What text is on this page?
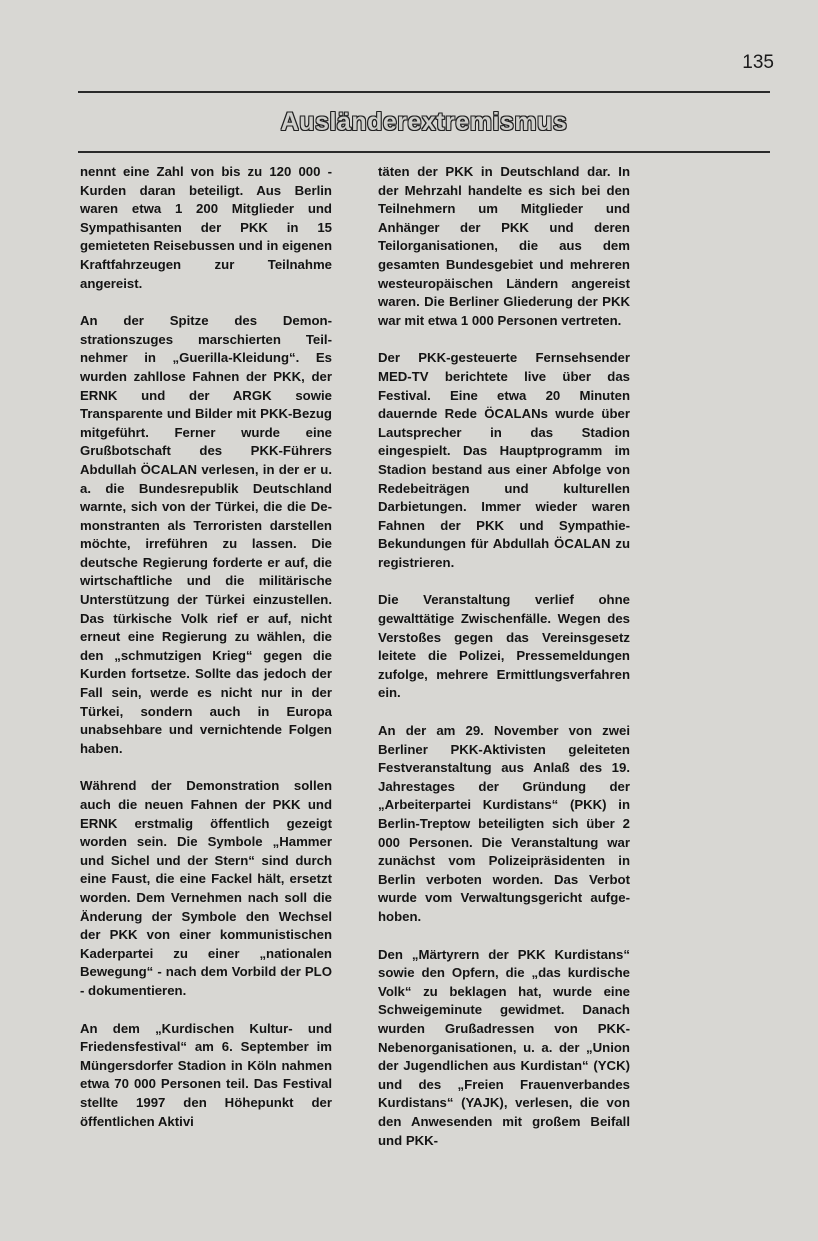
135
Ausländerextremismus

nennt eine Zahl von bis zu 120 000 - Kurden daran beteiligt. Aus Berlin waren etwa 1 200 Mitglieder und Sympathisanten der PKK in 15 gemieteten Reisebussen und in eigenen Kraftfahrzeugen zur Teilnahme angereist.

An der Spitze des Demonstrationszuges marschierten Teilnehmer in „Guerilla-Kleidung“. Es wurden zahllose Fahnen der PKK, der ERNK und der ARGK sowie Transparente und Bilder mit PKK-Bezug mitgeführt. Ferner wurde eine Grußbotschaft des PKK-Führers Abdullah ÖCALAN verlesen, in der er u. a. die Bundesrepublik Deutschland warnte, sich von der Türkei, die die Demonstranten als Terroristen darstellen möchte, irreführen zu lassen. Die deutsche Regierung forderte er auf, die wirtschaftliche und die militärische Unterstützung der Türkei einzustellen. Das türkische Volk rief er auf, nicht erneut eine Regierung zu wählen, die den „schmutzigen Krieg“ gegen die Kurden fortsetze. Sollte das jedoch der Fall sein, werde es nicht nur in der Türkei, sondern auch in Europa unabsehbare und vernichtende Folgen haben.

Während der Demonstration sollen auch die neuen Fahnen der PKK und ERNK erstmalig öffentlich gezeigt worden sein. Die Symbole „Hammer und Sichel und der Stern“ sind durch eine Faust, die eine Fackel hält, ersetzt worden. Dem Vernehmen nach soll die Änderung der Symbole den Wechsel der PKK von einer kommunistischen Kaderpartei zu einer „nationalen Bewegung“ - nach dem Vorbild der PLO - dokumentieren.

An dem „Kurdischen Kultur- und Friedensfestival“ am 6. September im Müngersdorfer Stadion in Köln nahmen etwa 70 000 Personen teil. Das Festival stellte 1997 den Höhepunkt der öffentlichen Aktivi

täten der PKK in Deutschland dar. In der Mehrzahl handelte es sich bei den Teilnehmern um Mitglieder und Anhänger der PKK und deren Teilorganisationen, die aus dem gesamten Bundesgebiet und mehreren westeuropäischen Ländern angereist waren. Die Berliner Gliederung der PKK war mit etwa 1 000 Personen vertreten.

Der PKK-gesteuerte Fernsehsender MED-TV berichtete live über das Festival. Eine etwa 20 Minuten dauernde Rede ÖCALANs wurde über Lautsprecher in das Stadion eingespielt. Das Hauptprogramm im Stadion bestand aus einer Abfolge von Redebeiträgen und kulturellen Darbietungen. Immer wieder waren Fahnen der PKK und Sympathie-Bekundungen für Abdullah ÖCALAN zu registrieren.

Die Veranstaltung verlief ohne gewalttätige Zwischenfälle. Wegen des Verstoßes gegen das Vereinsgesetz leitete die Polizei, Pressemeldungen zufolge, mehrere Ermittlungsverfahren ein.

An der am 29. November von zwei Berliner PKK-Aktivisten geleiteten Festveranstaltung aus Anlaß des 19. Jahrestages der Gründung der „Arbeiterpartei Kurdistans“ (PKK) in Berlin-Treptow beteiligten sich über 2 000 Personen. Die Veranstaltung war zunächst vom Polizeipräsidenten in Berlin verboten worden. Das Verbot wurde vom Verwaltungsgericht aufgehoben.

Den „Märtyrern der PKK Kurdistans“ sowie den Opfern, die „das kurdische Volk“ zu beklagen hat, wurde eine Schweigeminute gewidmet. Danach wurden Grußadressen von PKK-Nebenorganisationen, u. a. der „Union der Jugendlichen aus Kurdistan“ (YCK) und des „Freien Frauenverbandes Kurdistans“ (YAJK), verlesen, die von den Anwesenden mit großem Beifall und PKK-
